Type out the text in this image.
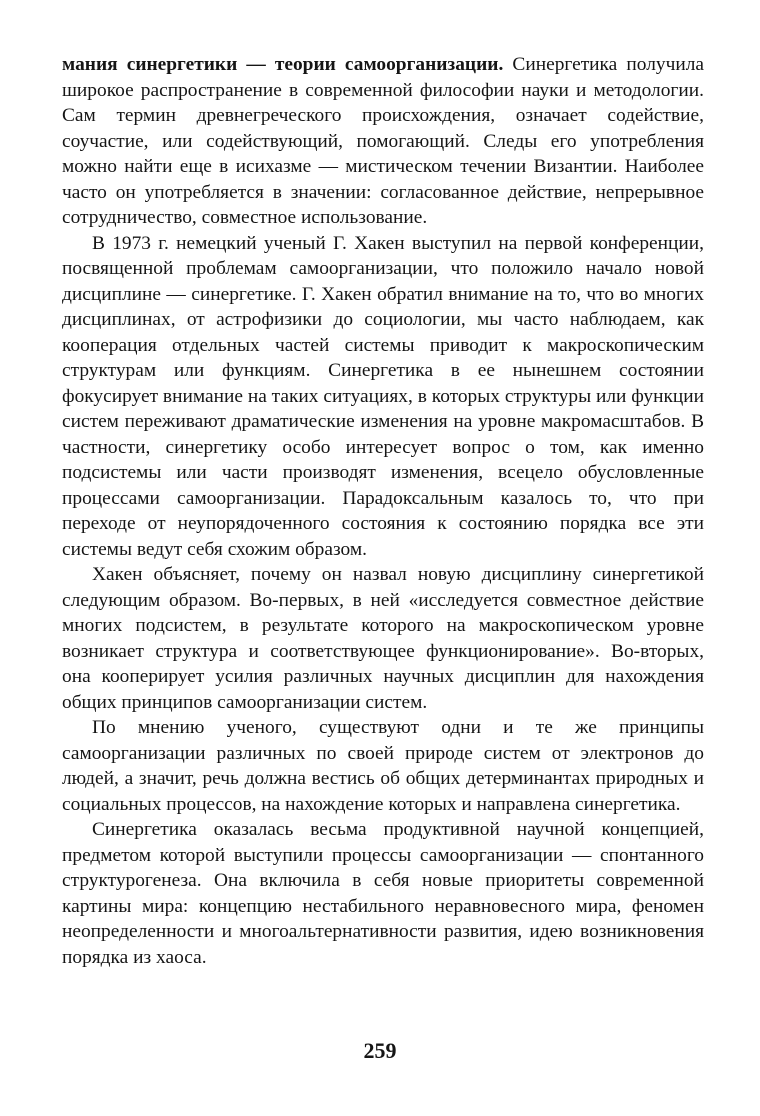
мания синергетики — теории самоорганизации. Синергетика получила широкое распространение в современной философии науки и методологии. Сам термин древнегреческого происхождения, означает содействие, соучастие, или содействующий, помогающий. Следы его употребления можно найти еще в исихазме — мистическом течении Византии. Наиболее часто он употребляется в значении: согласованное действие, непрерывное сотрудничество, совместное использование.

В 1973 г. немецкий ученый Г. Хакен выступил на первой конференции, посвященной проблемам самоорганизации, что положило начало новой дисциплине — синергетике. Г. Хакен обратил внимание на то, что во многих дисциплинах, от астрофизики до социологии, мы часто наблюдаем, как кооперация отдельных частей системы приводит к макроскопическим структурам или функциям. Синергетика в ее нынешнем состоянии фокусирует внимание на таких ситуациях, в которых структуры или функции систем переживают драматические изменения на уровне макромасштабов. В частности, синергетику особо интересует вопрос о том, как именно подсистемы или части производят изменения, всецело обусловленные процессами самоорганизации. Парадоксальным казалось то, что при переходе от неупорядоченного состояния к состоянию порядка все эти системы ведут себя схожим образом.

Хакен объясняет, почему он назвал новую дисциплину синергетикой следующим образом. Во-первых, в ней «исследуется совместное действие многих подсистем, в результате которого на макроскопическом уровне возникает структура и соответствующее функционирование». Во-вторых, она кооперирует усилия различных научных дисциплин для нахождения общих принципов самоорганизации систем.

По мнению ученого, существуют одни и те же принципы самоорганизации различных по своей природе систем от электронов до людей, а значит, речь должна вестись об общих детерминантах природных и социальных процессов, на нахождение которых и направлена синергетика.

Синергетика оказалась весьма продуктивной научной концепцией, предметом которой выступили процессы самоорганизации — спонтанного структурогенеза. Она включила в себя новые приоритеты современной картины мира: концепцию нестабильного неравновесного мира, феномен неопределенности и многоальтернативности развития, идею возникновения порядка из хаоса.

259
